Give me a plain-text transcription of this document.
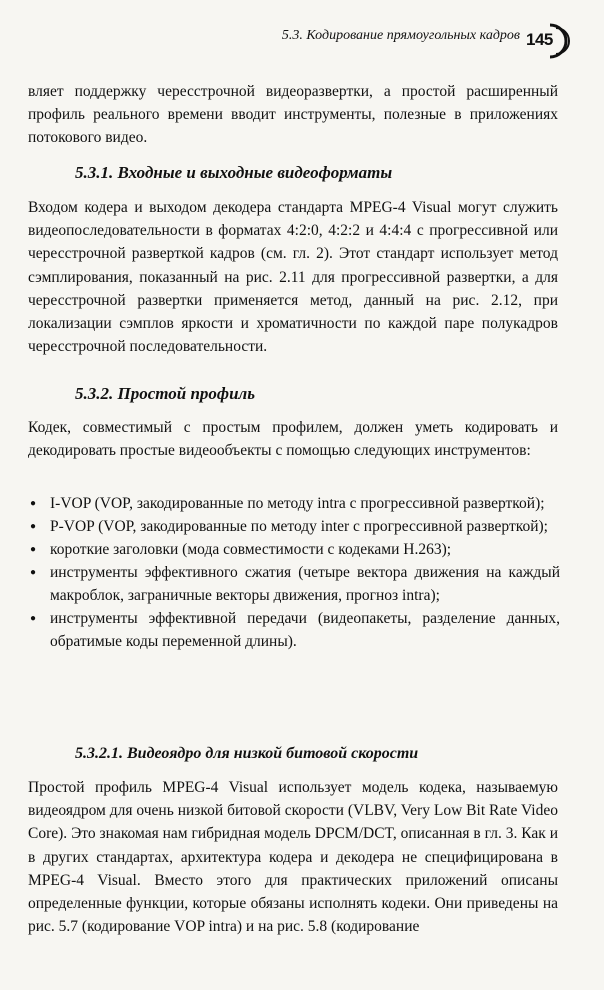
5.3. Кодирование прямоугольных кадров 145

вляет поддержку чересстрочной видеоразвертки, а простой расширенный профиль реального времени вводит инструменты, полезные в приложениях потокового видео.

5.3.1. Входные и выходные видеоформаты

Входом кодера и выходом декодера стандарта MPEG-4 Visual могут служить видеопоследовательности в форматах 4:2:0, 4:2:2 и 4:4:4 с прогрессивной или чересстрочной разверткой кадров (см. гл. 2). Этот стандарт использует метод сэмплирования, показанный на рис. 2.11 для прогрессивной развертки, а для чересстрочной развертки применяется метод, данный на рис. 2.12, при локализации сэмплов яркости и хроматичности по каждой паре полукадров чересстрочной последовательности.

5.3.2. Простой профиль

Кодек, совместимый с простым профилем, должен уметь кодировать и декодировать простые видеообъекты с помощью следующих инструментов:

● I-VOP (VOP, закодированные по методу intra с прогрессивной разверткой);
● P-VOP (VOP, закодированные по методу inter с прогрессивной разверткой);
● короткие заголовки (мода совместимости с кодеками H.263);
● инструменты эффективного сжатия (четыре вектора движения на каждый макроблок, заграничные векторы движения, прогноз intra);
● инструменты эффективной передачи (видеопакеты, разделение данных, обратимые коды переменной длины).
5.3.2.1. Видеоядро для низкой битовой скорости

Простой профиль MPEG-4 Visual использует модель кодека, называемую видеоядром для очень низкой битовой скорости (VLBV, Very Low Bit Rate Video Core). Это знакомая нам гибридная модель DPCM/DCT, описанная в гл. 3. Как и в других стандартах, архитектура кодера и декодера не специфицирована в MPEG-4 Visual. Вместо этого для практических приложений описаны определенные функции, которые обязаны исполнять кодеки. Они приведены на рис. 5.7 (кодирование VOP intra) и на рис. 5.8 (кодирование
